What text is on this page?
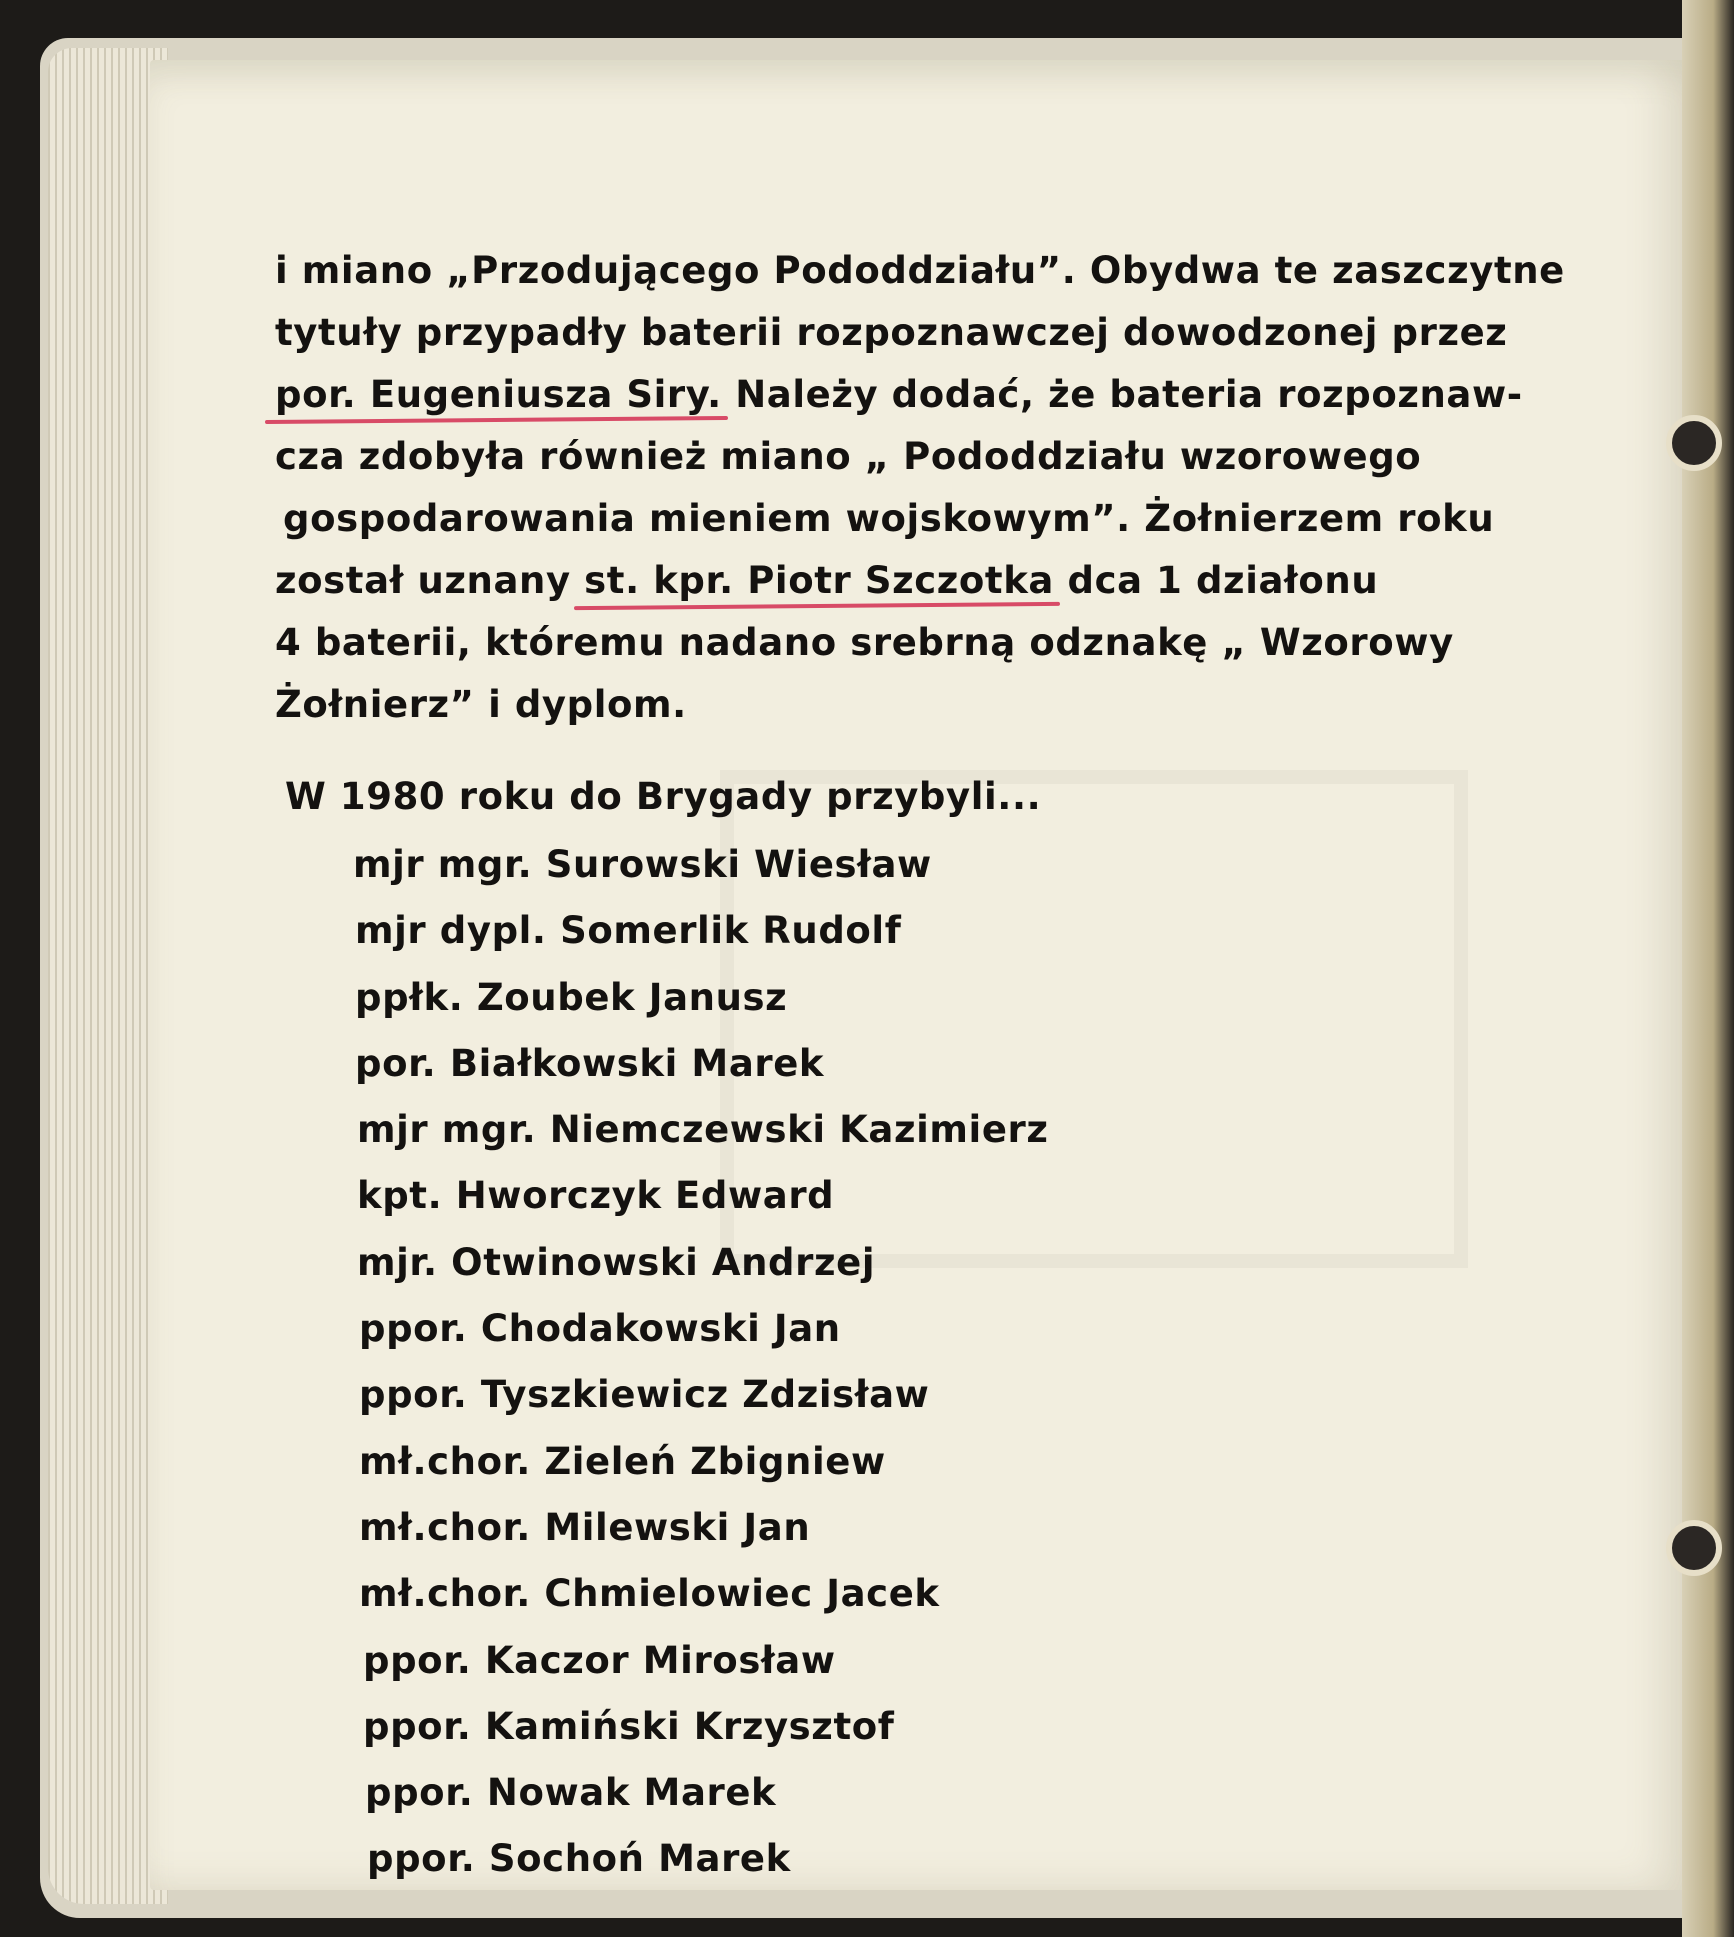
i miano „Przodującego Pododdziału”. Obydwa te zaszczytne
tytuły przypadły baterii rozpoznawczej dowodzonej przez
por. Eugeniusza Siry. Należy dodać, że bateria rozpoznaw-
cza zdobyła również miano „ Pododdziału wzorowego
gospodarowania mieniem wojskowym”. Żołnierzem roku
został uznany st. kpr. Piotr Szczotka dca 1 działonu
4 baterii, któremu nadano srebrną odznakę „ Wzorowy
Żołnierz” i dyplom.
W 1980 roku do Brygady przybyli...
mjr mgr. Surowski Wiesław
mjr dypl. Somerlik Rudolf
ppłk. Zoubek Janusz
por. Białkowski Marek
mjr mgr. Niemczewski Kazimierz
kpt. Hworczyk Edward
mjr. Otwinowski Andrzej
ppor. Chodakowski Jan
ppor. Tyszkiewicz Zdzisław
mł.chor. Zieleń Zbigniew
mł.chor. Milewski Jan
mł.chor. Chmielowiec Jacek
ppor. Kaczor Mirosław
ppor. Kamiński Krzysztof
ppor. Nowak Marek
ppor. Sochoń Marek
